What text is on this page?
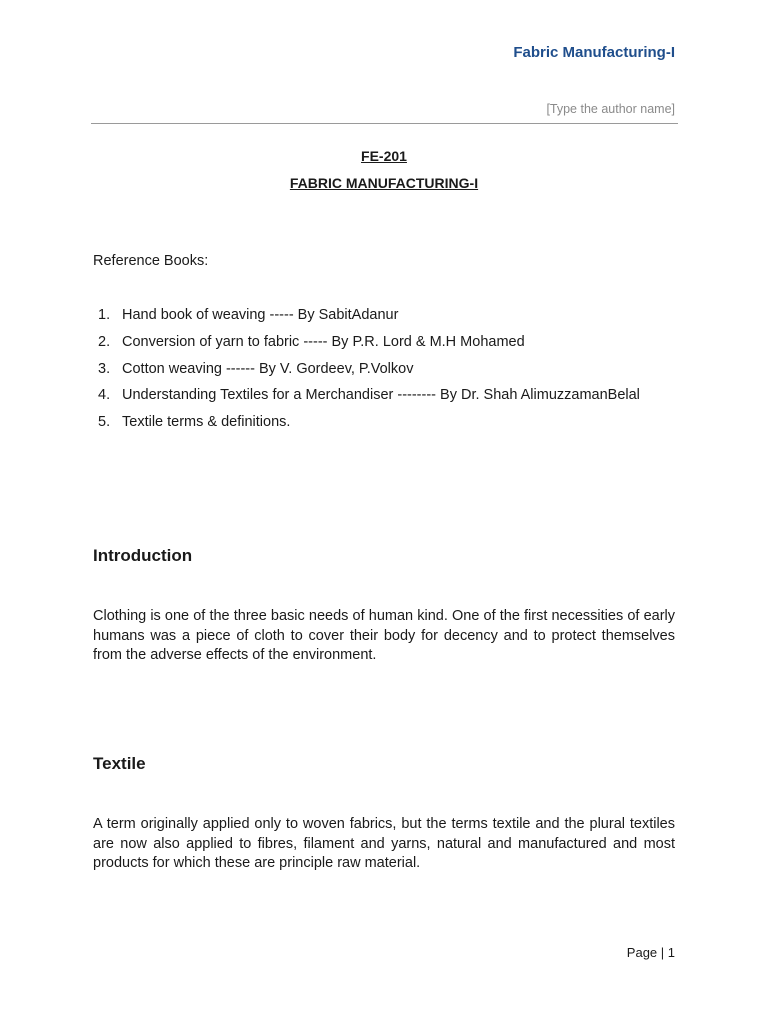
Fabric Manufacturing-I
[Type the author name]
FE-201
FABRIC MANUFACTURING-I
Reference Books:
1. Hand book of weaving ----- By SabitAdanur
2. Conversion of yarn to fabric ----- By P.R. Lord & M.H Mohamed
3. Cotton weaving ------ By V. Gordeev, P.Volkov
4. Understanding Textiles for a Merchandiser -------- By Dr. Shah AlimuzzamanBelal
5. Textile terms & definitions.
Introduction

Clothing is one of the three basic needs of human kind. One of the first necessities of early humans was a piece of cloth to cover their body for decency and to protect themselves from the adverse effects of the environment.

Textile

A term originally applied only to woven fabrics, but the terms textile and the plural textiles are now also applied to fibres, filament and yarns, natural and manufactured and most products for which these are principle raw material.

Page | 1
